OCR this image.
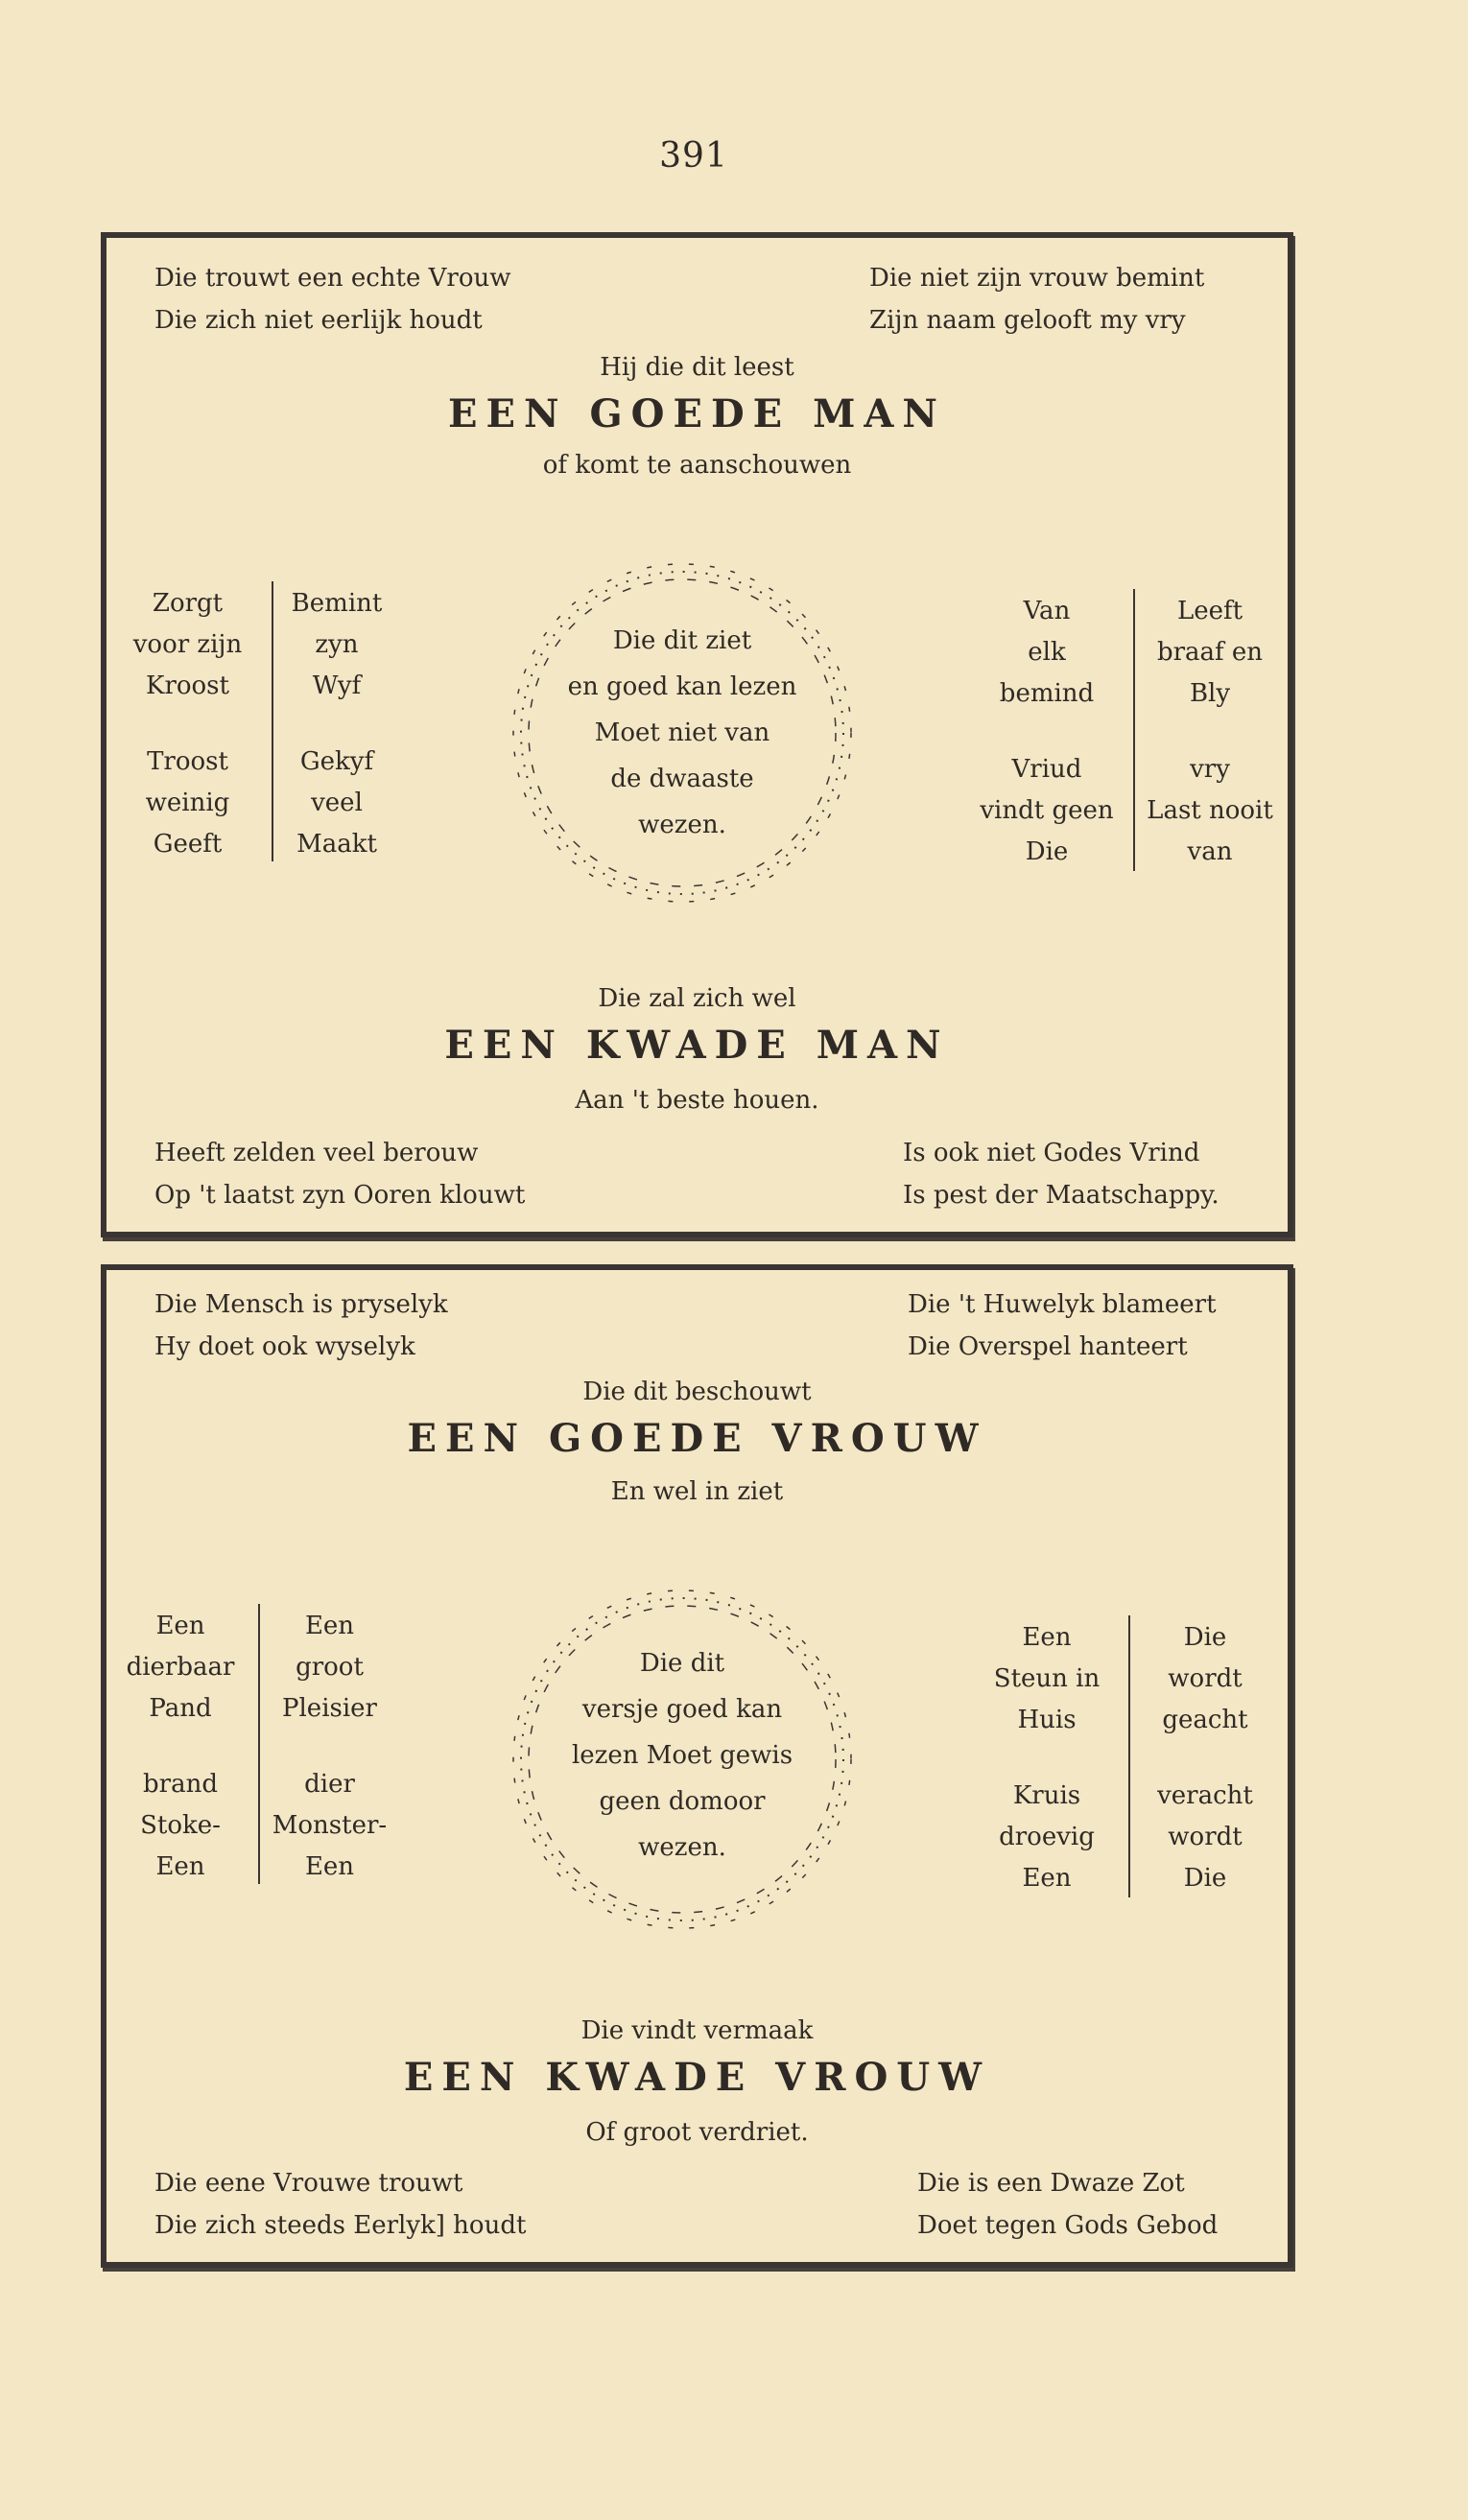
391
Die trouwt een echte Vrouw
Die zich niet eerlijk houdt
Die niet zijn vrouw bemint
Zijn naam gelooft my vry
Hij die dit leest
EEN GOEDE MAN
of komt te aanschouwen
Zorgt
voor zijn
Kroost
Troost
weinig
Geeft
Bemint
zyn
Wyf
Gekyf
veel
Maakt
Die dit ziet
en goed kan lezen
Moet niet van
de dwaaste
wezen.
Van
elk
bemind
Vriud
vindt geen
Die
Leeft
braaf en
Bly
vry
Last nooit
van
Die zal zich wel
EEN KWADE MAN
Aan 't beste houen.
Heeft zelden veel berouw
Op 't laatst zyn Ooren klouwt
Is ook niet Godes Vrind
Is pest der Maatschappy.
Die Mensch is pryselyk
Hy doet ook wyselyk
Die 't Huwelyk blameert
Die Overspel hanteert
Die dit beschouwt
EEN GOEDE VROUW
En wel in ziet
Een
dierbaar
Pand
brand
Stoke-
Een
Een
groot
Pleisier
dier
Monster-
Een
Die dit
versje goed kan
lezen Moet gewis
geen domoor
wezen.
Een
Steun in
Huis
Kruis
droevig
Een
Die
wordt
geacht
veracht
wordt
Die
Die vindt vermaak
EEN KWADE VROUW
Of groot verdriet.
Die eene Vrouwe trouwt
Die zich steeds Eerlyk] houdt
Die is een Dwaze Zot
Doet tegen Gods Gebod
